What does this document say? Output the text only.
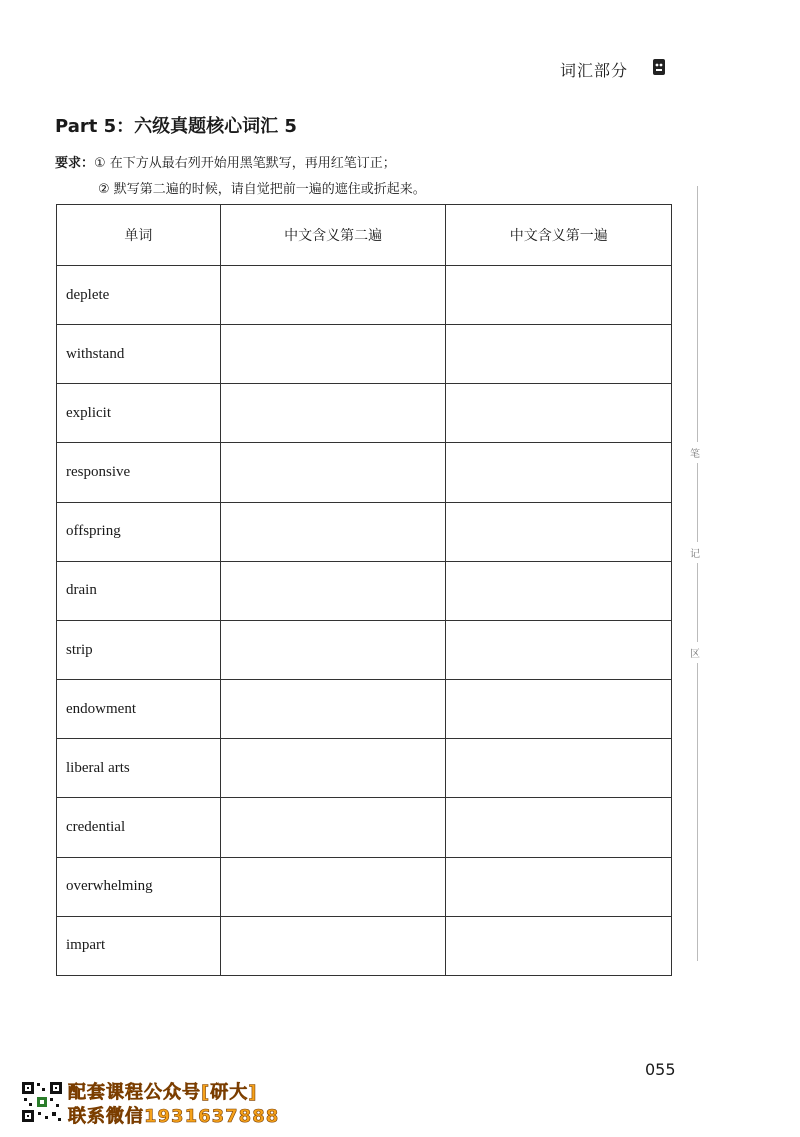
词汇部分
Part 5：六级真题核心词汇 5
要求：① 在下方从最右列开始用黑笔默写，再用红笔订正；
② 默写第二遍的时候，请自觉把前一遍的遮住或折起来。
单词	中文含义第二遍	中文含义第一遍
deplete		
withstand		
explicit		
responsive		
offspring		
drain		
strip		
endowment		
liberal arts		
credential		
overwhelming		
impart		
笔
记
区
055
配套课程公众号[研大]
联系微信1931637888
